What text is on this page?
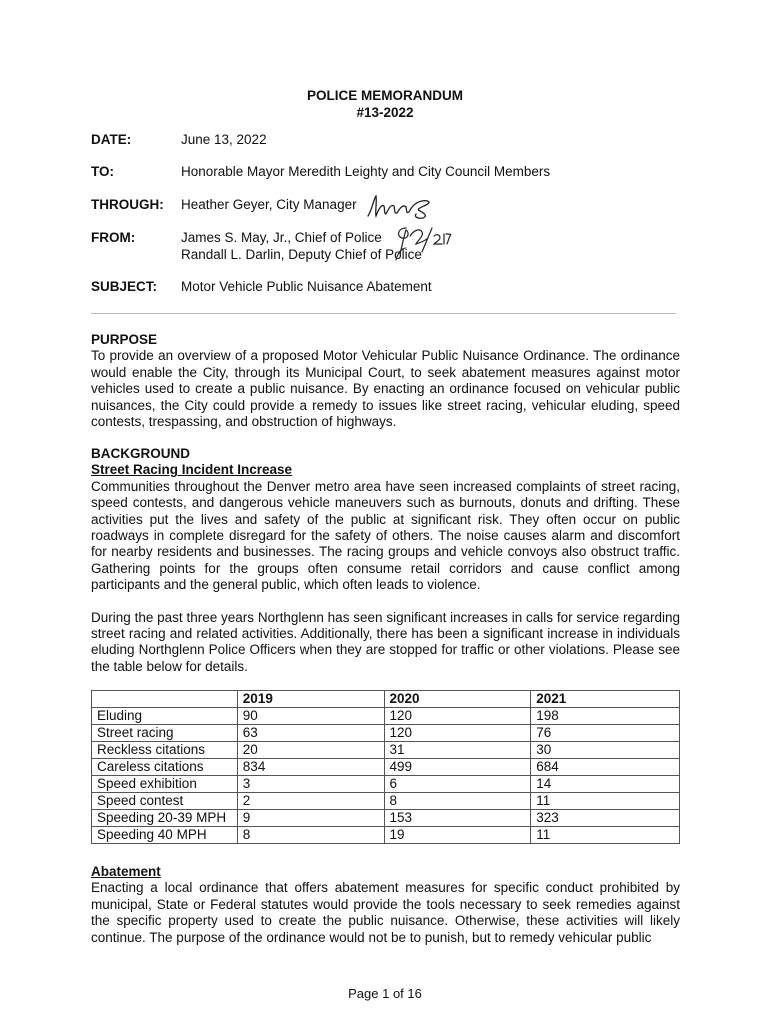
POLICE MEMORANDUM
#13-2022
DATE:	June 13, 2022
TO:	Honorable Mayor Meredith Leighty and City Council Members
THROUGH: Heather Geyer, City Manager
FROM:	James S. May, Jr., Chief of Police
Randall L. Darlin, Deputy Chief of Police
SUBJECT: Motor Vehicle Public Nuisance Abatement
PURPOSE
To provide an overview of a proposed Motor Vehicular Public Nuisance Ordinance. The ordinance would enable the City, through its Municipal Court, to seek abatement measures against motor vehicles used to create a public nuisance. By enacting an ordinance focused on vehicular public nuisances, the City could provide a remedy to issues like street racing, vehicular eluding, speed contests, trespassing, and obstruction of highways.
BACKGROUND
Street Racing Incident Increase
Communities throughout the Denver metro area have seen increased complaints of street racing, speed contests, and dangerous vehicle maneuvers such as burnouts, donuts and drifting. These activities put the lives and safety of the public at significant risk. They often occur on public roadways in complete disregard for the safety of others. The noise causes alarm and discomfort for nearby residents and businesses. The racing groups and vehicle convoys also obstruct traffic. Gathering points for the groups often consume retail corridors and cause conflict among participants and the general public, which often leads to violence.
During the past three years Northglenn has seen significant increases in calls for service regarding street racing and related activities. Additionally, there has been a significant increase in individuals eluding Northglenn Police Officers when they are stopped for traffic or other violations. Please see the table below for details.
	2019	2020	2021
Eluding	90	120	198
Street racing	63	120	76
Reckless citations	20	31	30
Careless citations	834	499	684
Speed exhibition	3	6	14
Speed contest	2	8	11
Speeding 20-39 MPH	9	153	323
Speeding 40 MPH	8	19	11
Abatement
Enacting a local ordinance that offers abatement measures for specific conduct prohibited by municipal, State or Federal statutes would provide the tools necessary to seek remedies against the specific property used to create the public nuisance. Otherwise, these activities will likely continue. The purpose of the ordinance would not be to punish, but to remedy vehicular public
Page 1 of 16
